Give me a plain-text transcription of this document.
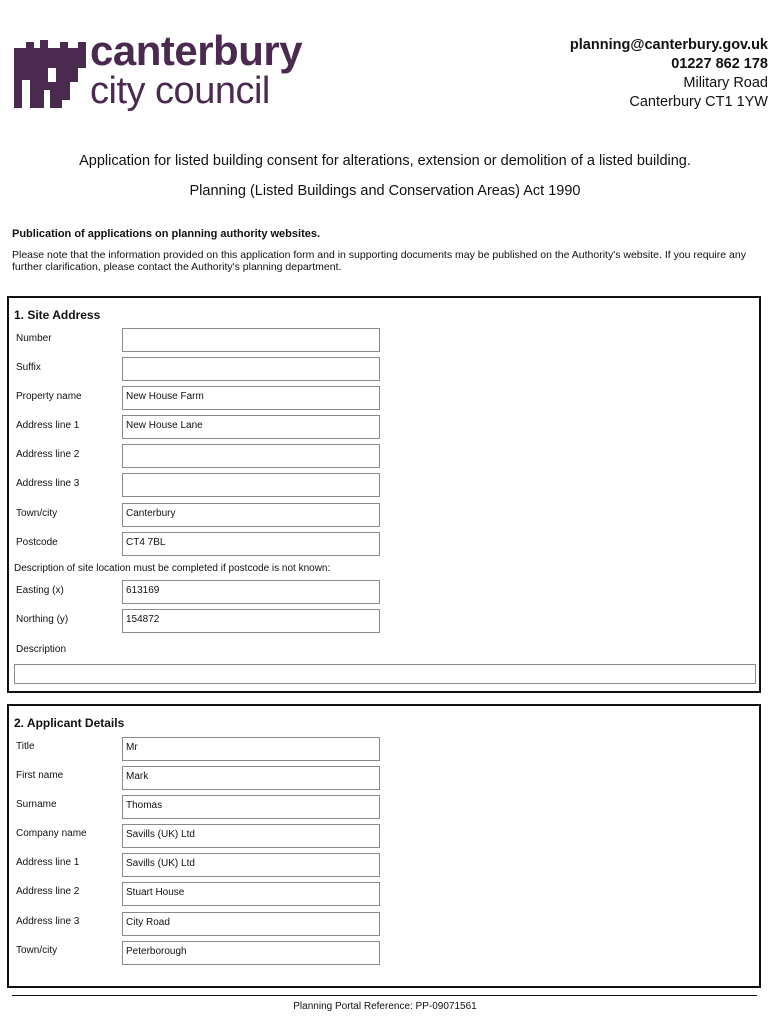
canterbury
city council
planning@canterbury.gov.uk
01227 862 178
Military Road
Canterbury CT1 1YW
Application for listed building consent for alterations, extension or demolition of a listed building.
Planning (Listed Buildings and Conservation Areas) Act 1990
Publication of applications on planning authority websites.
Please note that the information provided on this application form and in supporting documents may be published on the Authority's website. If you require any further clarification, please contact the Authority's planning department.
1. Site Address
Number
Suffix
Property name	New House Farm
Address line 1	New House Lane
Address line 2
Address line 3
Town/city	Canterbury
Postcode	CT4 7BL
Description of site location must be completed if postcode is not known:
Easting (x)	613169
Northing (y)	154872
Description
2. Applicant Details
Title	Mr
First name	Mark
Surname	Thomas
Company name	Savills (UK) Ltd
Address line 1	Savills (UK) Ltd
Address line 2	Stuart House
Address line 3	City Road
Town/city	Peterborough
Planning Portal Reference: PP-09071561
